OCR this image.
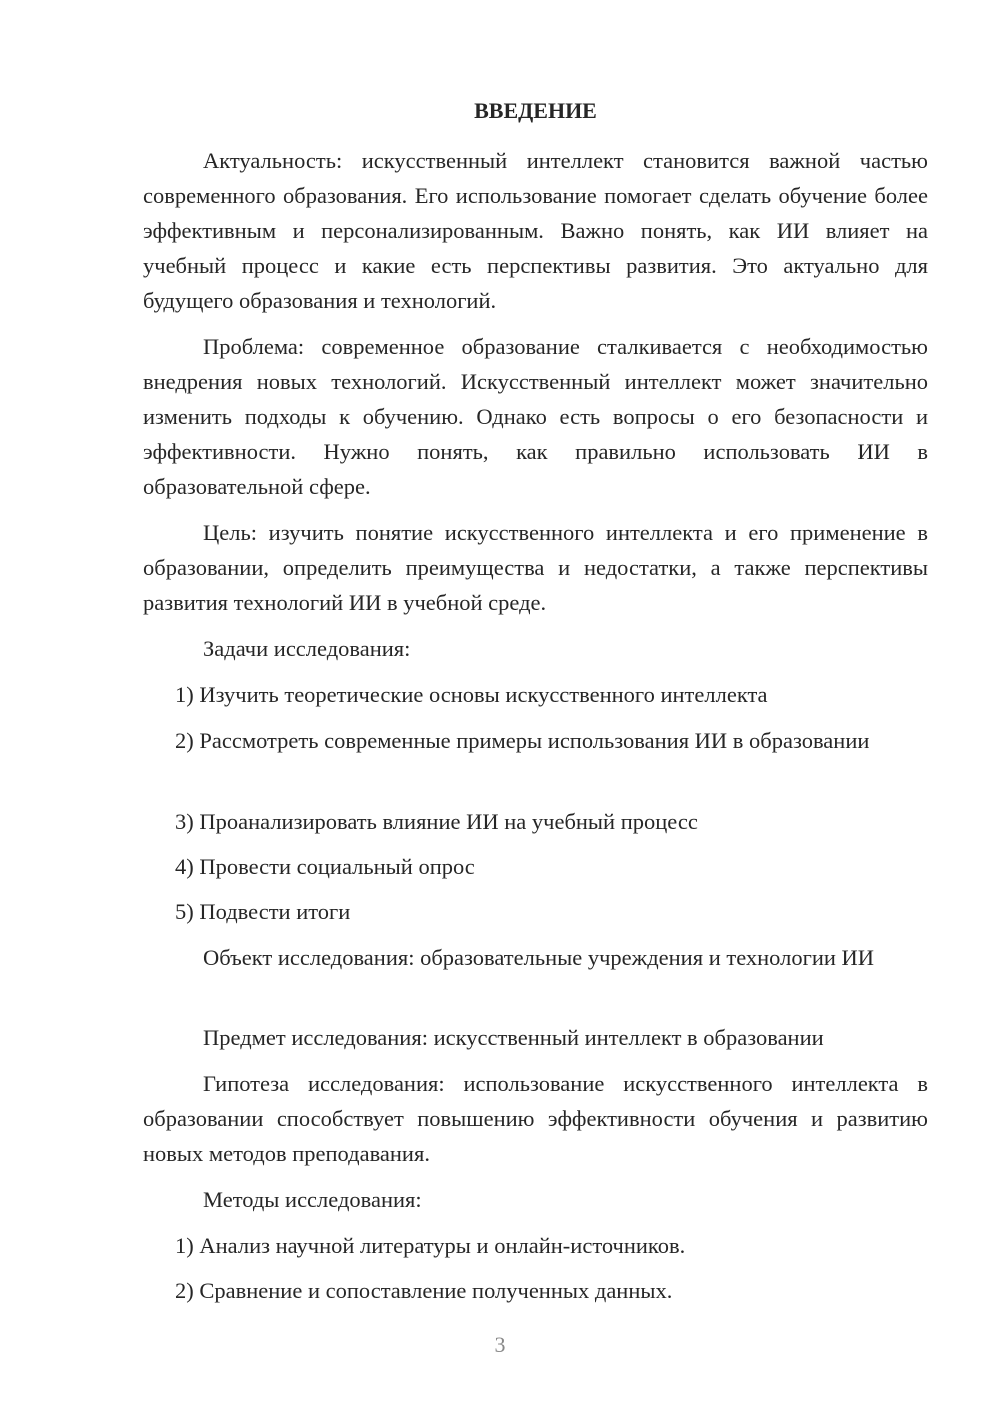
ВВЕДЕНИЕ

Актуальность: искусственный интеллект становится важной частью современного образования. Его использование помогает сделать обучение более эффективным и персонализированным. Важно понять, как ИИ влияет на учебный процесс и какие есть перспективы развития. Это актуально для будущего образования и технологий.

Проблема: современное образование сталкивается с необходимостью внедрения новых технологий. Искусственный интеллект может значительно изменить подходы к обучению. Однако есть вопросы о его безопасности и эффективности. Нужно понять, как правильно использовать ИИ в образовательной сфере.

Цель: изучить понятие искусственного интеллекта и его применение в образовании, определить преимущества и недостатки, а также перспективы развития технологий ИИ в учебной среде.

Задачи исследования:

1) Изучить теоретические основы искусственного интеллекта

2) Рассмотреть современные примеры использования ИИ в образовании

3) Проанализировать влияние ИИ на учебный процесс

4) Провести социальный опрос

5) Подвести итоги

Объект исследования: образовательные учреждения и технологии ИИ

Предмет исследования: искусственный интеллект в образовании

Гипотеза исследования: использование искусственного интеллекта в образовании способствует повышению эффективности обучения и развитию новых методов преподавания.

Методы исследования:

1) Анализ научной литературы и онлайн-источников.

2) Сравнение и сопоставление полученных данных.

3
